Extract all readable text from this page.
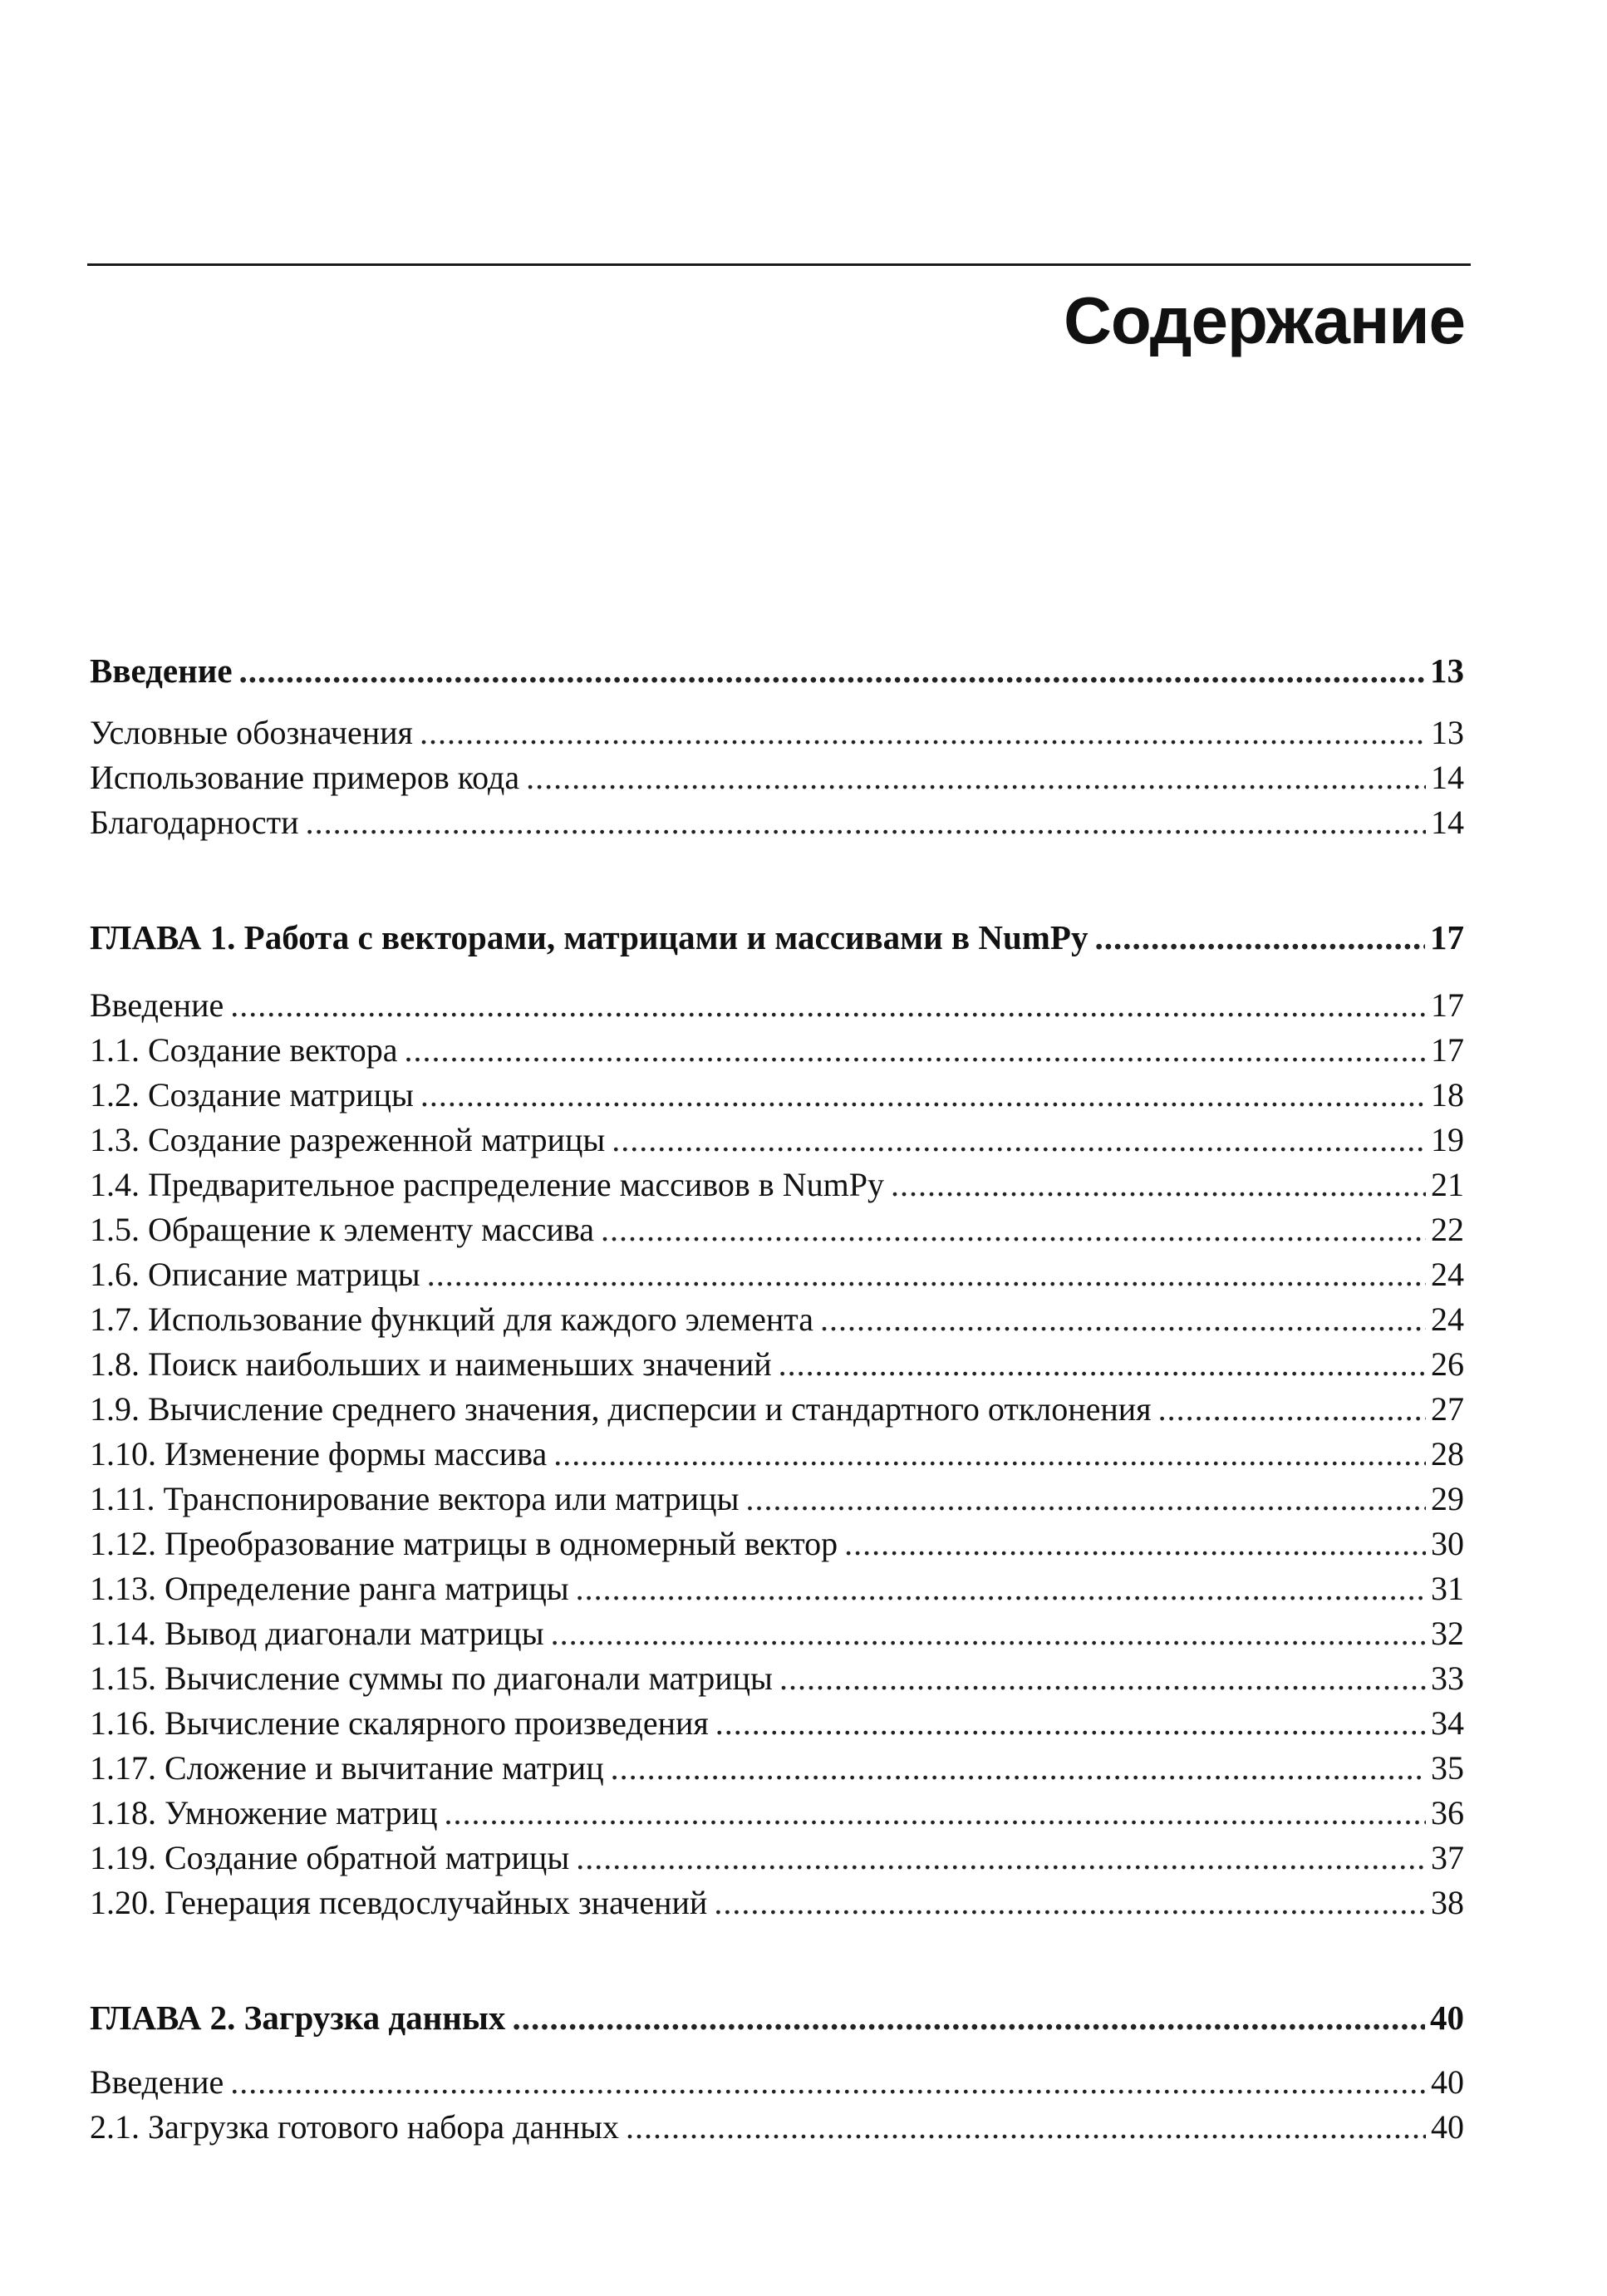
Содержание
Введение .....	13
Условные обозначения .....	13
Использование примеров кода .....	14
Благодарности .....	14
ГЛАВА 1. Работа с векторами, матрицами и массивами в NumPy .....	17
Введение .....	17
1.1. Создание вектора .....	17
1.2. Создание матрицы .....	18
1.3. Создание разреженной матрицы .....	19
1.4. Предварительное распределение массивов в NumPy .....	21
1.5. Обращение к элементу массива .....	22
1.6. Описание матрицы .....	24
1.7. Использование функций для каждого элемента .....	24
1.8. Поиск наибольших и наименьших значений .....	26
1.9. Вычисление среднего значения, дисперсии и стандартного отклонения .....	27
1.10. Изменение формы массива .....	28
1.11. Транспонирование вектора или матрицы .....	29
1.12. Преобразование матрицы в одномерный вектор .....	30
1.13. Определение ранга матрицы .....	31
1.14. Вывод диагонали матрицы .....	32
1.15. Вычисление суммы по диагонали матрицы .....	33
1.16. Вычисление скалярного произведения .....	34
1.17. Сложение и вычитание матриц .....	35
1.18. Умножение матриц .....	36
1.19. Создание обратной матрицы .....	37
1.20. Генерация псевдослучайных значений .....	38
ГЛАВА 2. Загрузка данных .....	40
Введение .....	40
2.1. Загрузка готового набора данных .....	40
